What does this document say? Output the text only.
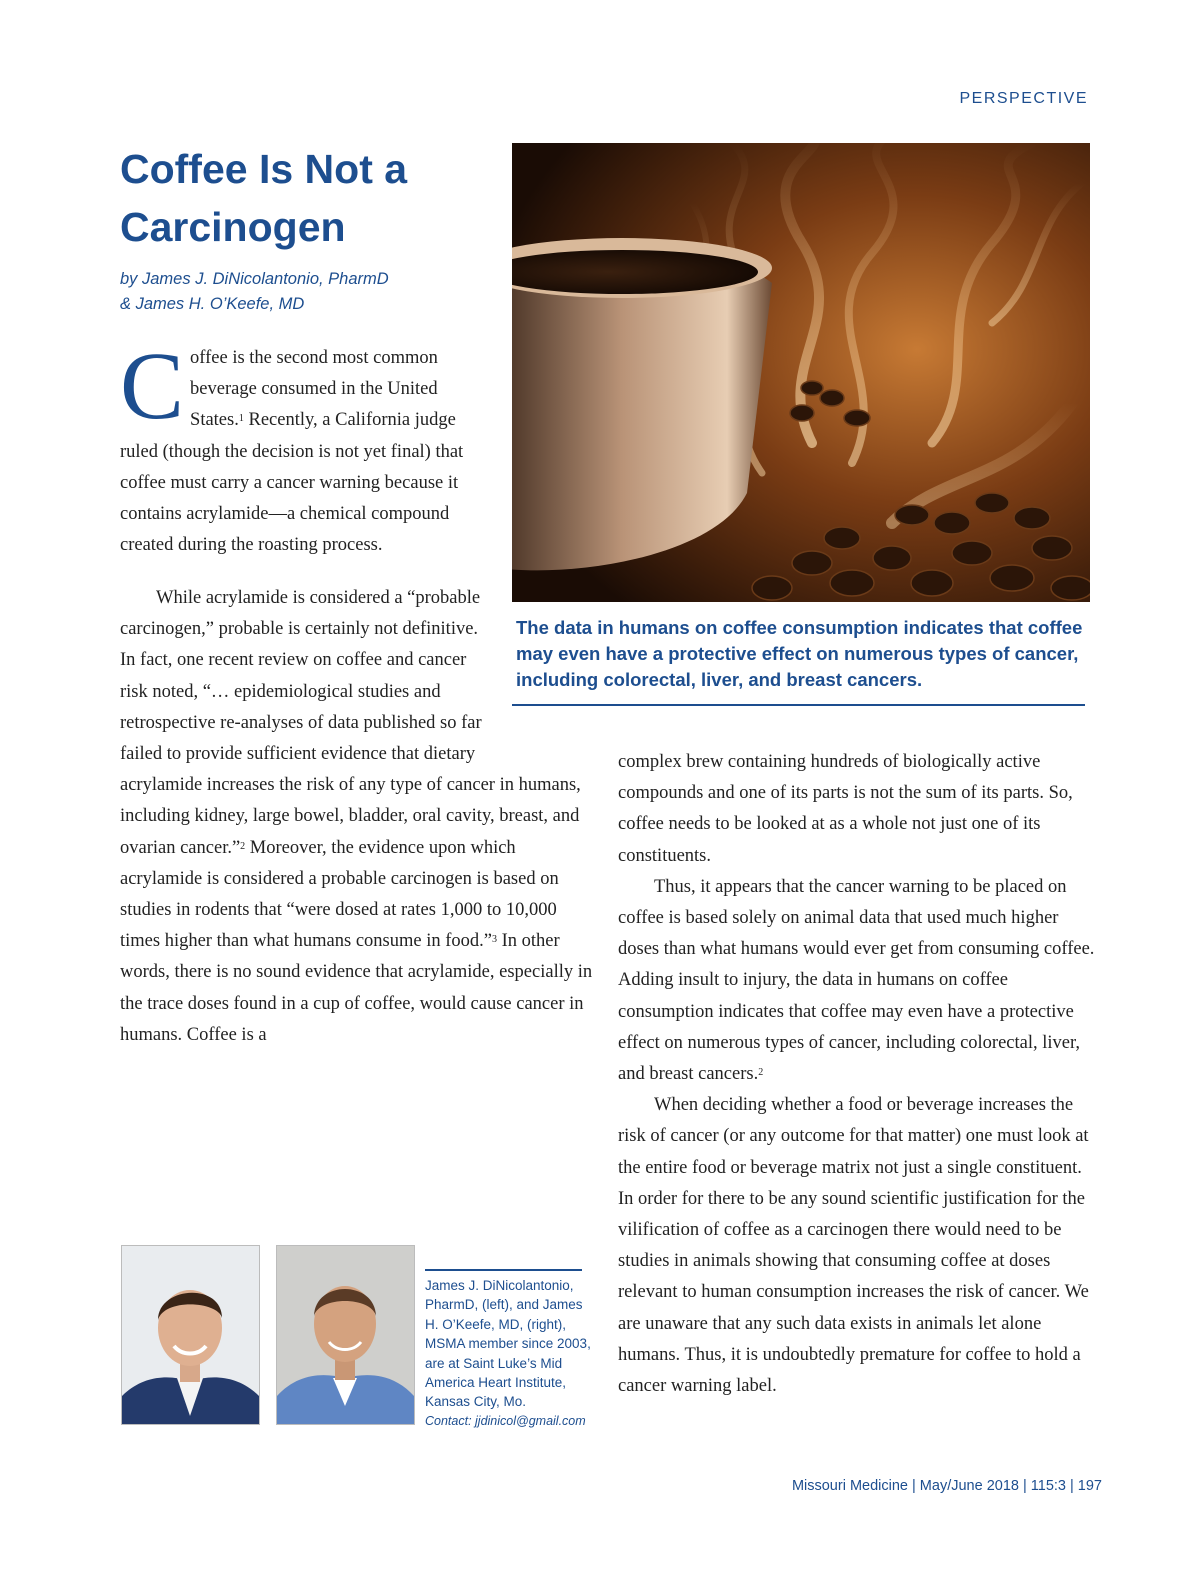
PERSPECTIVE
Coffee Is Not a Carcinogen
by James J. DiNicolantonio, PharmD
& James H. O’Keefe, MD
The data in humans on coffee consumption indicates that coffee may even have a protective effect on numerous types of cancer, including colorectal, liver, and breast cancers.

C offee is the second most common beverage consumed in the United States.$^1$ Recently, a California judge ruled (though the decision is not yet final) that coffee must carry a cancer warning because it contains acrylamide—a chemical compound created during the roasting process.

While acrylamide is considered a “probable carcinogen,” probable is certainly not definitive. In fact, one recent review on coffee and cancer risk noted, “… epidemiological studies and retrospective re-analyses of data published so far failed to provide sufficient evidence that dietary acrylamide increases the risk of any type of cancer in humans, including kidney, large bowel, bladder, oral cavity, breast, and ovarian cancer.”$^2$ Moreover, the evidence upon which acrylamide is considered a probable carcinogen is based on studies in rodents that “were dosed at rates 1,000 to 10,000 times higher than what humans consume in food.”$^3$ In other words, there is no sound evidence that acrylamide, especially in the trace doses found in a cup of coffee, would cause cancer in humans. Coffee is a

complex brew containing hundreds of biologically active compounds and one of its parts is not the sum of its parts. So, coffee needs to be looked at as a whole not just one of its constituents.

Thus, it appears that the cancer warning to be placed on coffee is based solely on animal data that used much higher doses than what humans would ever get from consuming coffee. Adding insult to injury, the data in humans on coffee consumption indicates that coffee may even have a protective effect on numerous types of cancer, including colorectal, liver, and breast cancers.$^2$

When deciding whether a food or beverage increases the risk of cancer (or any outcome for that matter) one must look at the entire food or beverage matrix not just a single constituent. In order for there to be any sound scientific justification for the vilification of coffee as a carcinogen there would need to be studies in animals showing that consuming coffee at doses relevant to human consumption increases the risk of cancer. We are unaware that any such data exists in animals let alone humans. Thus, it is undoubtedly premature for coffee to hold a cancer warning label.

James J. DiNicolantonio, PharmD, (left), and James H. O’Keefe, MD, (right), MSMA member since 2003, are at Saint Luke’s Mid America Heart Institute, Kansas City, Mo.
Contact: jjdinicol@gmail.com
Missouri Medicine | May/June 2018 | 115:3 | 197
